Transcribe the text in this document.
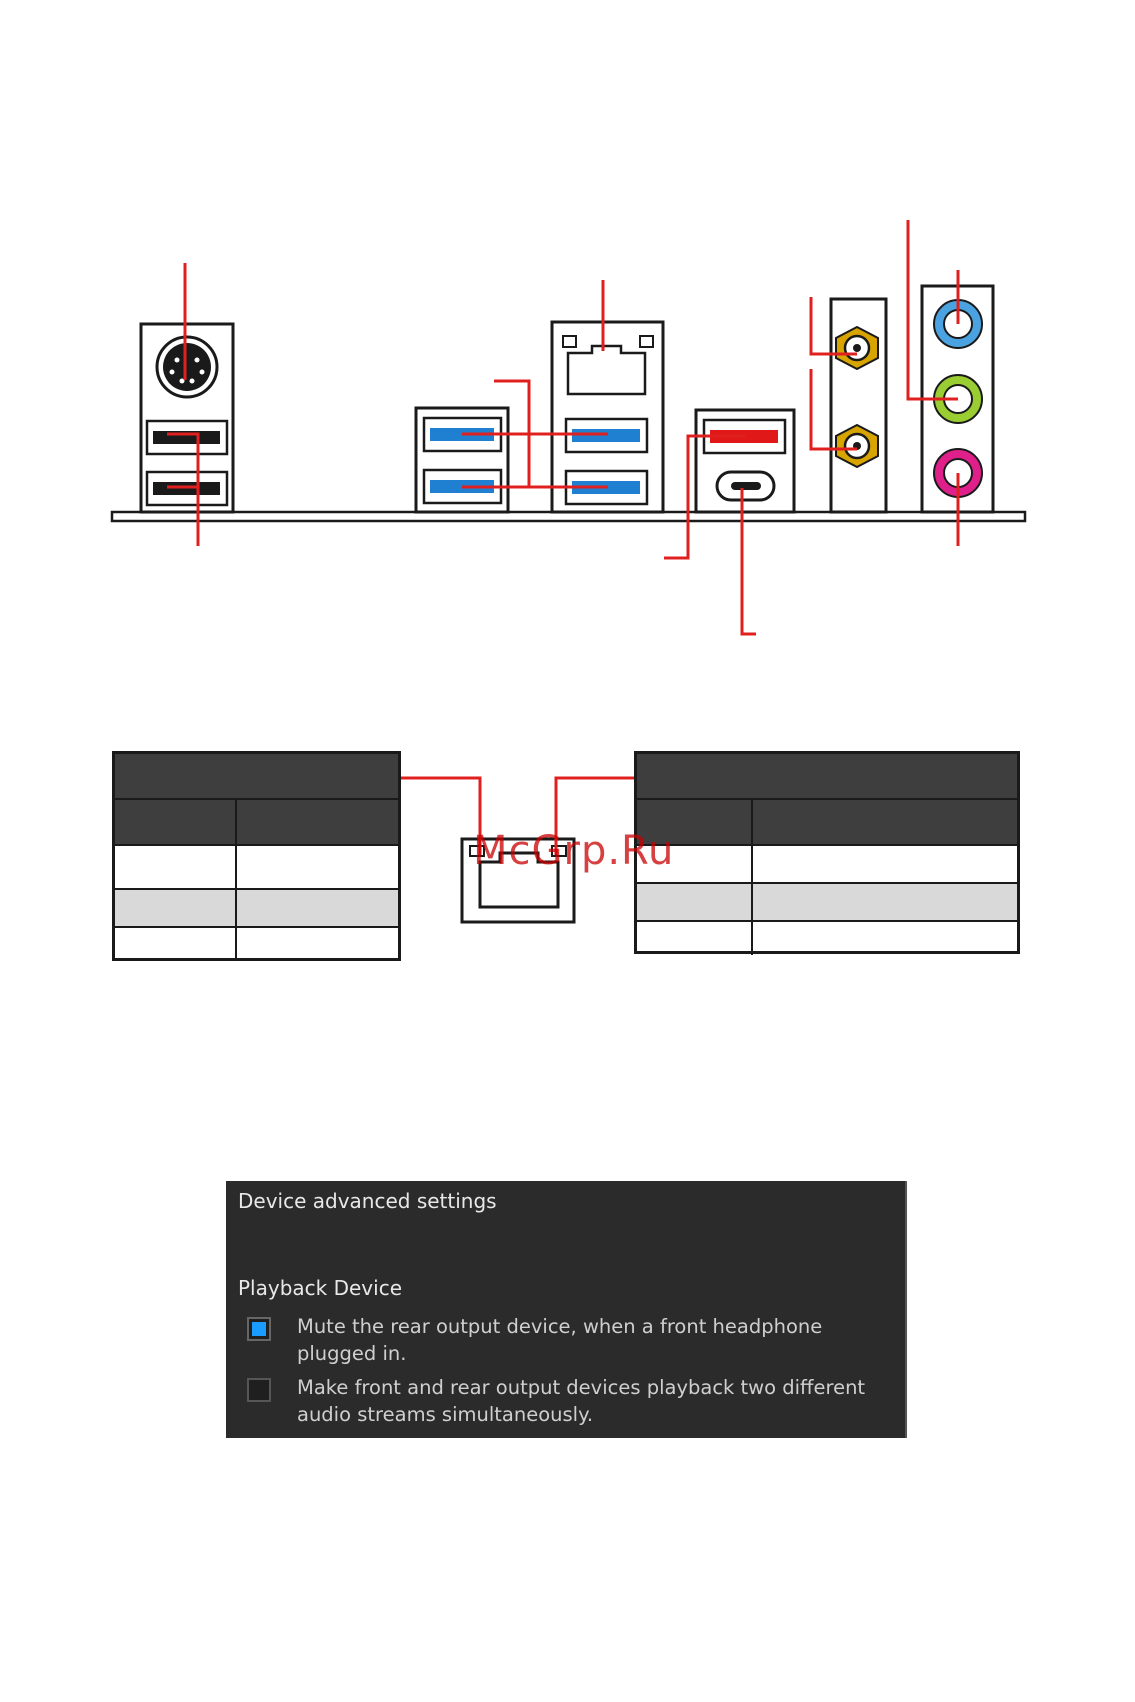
McGrp.Ru
Device advanced settings
Playback Device
Mute the rear output device, when a front headphone plugged in.
Make front and rear output devices playback two different audio streams simultaneously.
